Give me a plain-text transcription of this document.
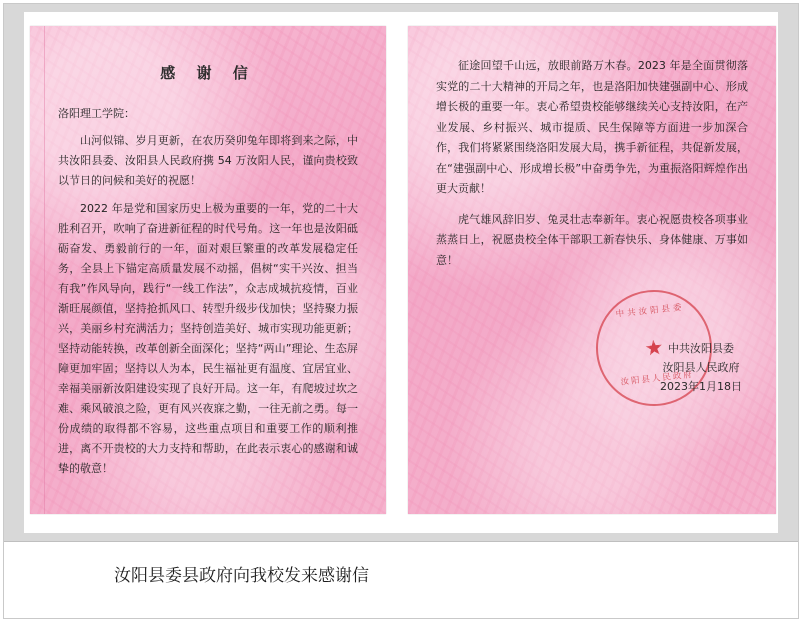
感 谢 信
洛阳理工学院：

山河似锦、岁月更新，在农历癸卯兔年即将到来之际，中共汝阳县委、汝阳县人民政府携 54 万汝阳人民，谨向贵校致以节日的问候和美好的祝愿！

2022 年是党和国家历史上极为重要的一年，党的二十大胜利召开，吹响了奋进新征程的时代号角。这一年也是汝阳砥砺奋发、勇毅前行的一年，面对艰巨繁重的改革发展稳定任务，全县上下锚定高质量发展不动摇，倡树“实干兴汝、担当有我”作风导向，践行“一线工作法”，众志成城抗疫情，百业渐旺展颜值，坚持抢抓风口、转型升级步伐加快；坚持聚力振兴，美丽乡村充满活力；坚持创造美好、城市实现功能更新；坚持动能转换，改革创新全面深化；坚持“两山”理论、生态屏障更加牢固；坚持以人为本，民生福祉更有温度、宜居宜业、幸福美丽新汝阳建设实现了良好开局。这一年，有爬坡过坎之难、乘风破浪之险，更有风兴夜寐之勤，一往无前之勇。每一份成绩的取得都不容易，这些重点项目和重要工作的顺利推进，离不开贵校的大力支持和帮助，在此表示衷心的感谢和诚挚的敬意！

征途回望千山远，放眼前路万木春。2023 年是全面贯彻落实党的二十大精神的开局之年，也是洛阳加快建强副中心、形成增长极的重要一年。衷心希望贵校能够继续关心支持汝阳，在产业发展、乡村振兴、城市提质、民生保障等方面进一步加深合作，我们将紧紧围绕洛阳发展大局，携手新征程，共促新发展，在“建强副中心、形成增长极”中奋勇争先，为重振洛阳辉煌作出更大贡献！

虎气雄风辞旧岁、兔灵壮志奉新年。衷心祝愿贵校各项事业蒸蒸日上，祝愿贵校全体干部职工新春快乐、身体健康、万事如意！

中共汝阳县委
汝阳县人民政府
中共汝阳县委
汝阳县人民政府
2023年1月18日
汝阳县委县政府向我校发来感谢信
